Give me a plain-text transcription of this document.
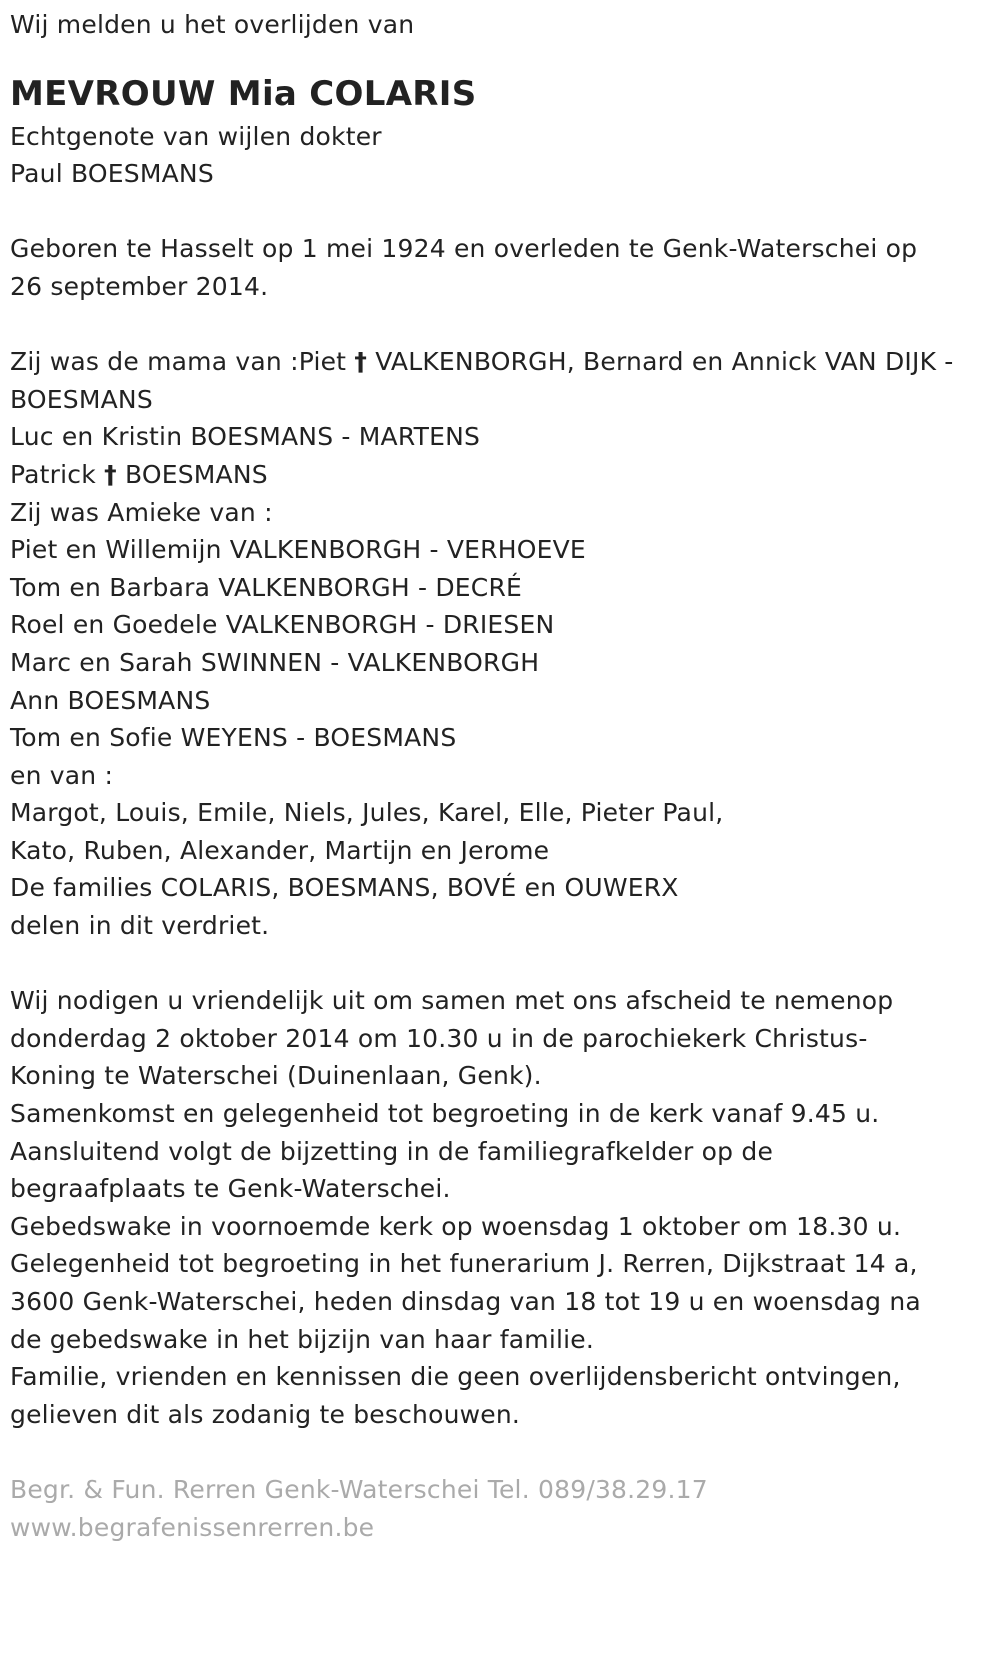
Wij melden u het overlijden van
MEVROUW Mia COLARIS
Echtgenote van wijlen dokter
Paul BOESMANS
Geboren te Hasselt op 1 mei 1924 en overleden te Genk-Waterschei op
26 september 2014.
Zij was de mama van :Piet † VALKENBORGH, Bernard en Annick VAN DIJK -
BOESMANS
Luc en Kristin BOESMANS - MARTENS
Patrick † BOESMANS
Zij was Amieke van :
Piet en Willemijn VALKENBORGH - VERHOEVE
Tom en Barbara VALKENBORGH - DECRÉ
Roel en Goedele VALKENBORGH - DRIESEN
Marc en Sarah SWINNEN - VALKENBORGH
Ann BOESMANS
Tom en Sofie WEYENS - BOESMANS
en van :
Margot, Louis, Emile, Niels, Jules, Karel, Elle, Pieter Paul,
Kato, Ruben, Alexander, Martijn en Jerome
De families COLARIS, BOESMANS, BOVÉ en OUWERX
delen in dit verdriet.
Wij nodigen u vriendelijk uit om samen met ons afscheid te nemenop
donderdag 2 oktober 2014 om 10.30 u in de parochiekerk Christus-
Koning te Waterschei (Duinenlaan, Genk).
Samenkomst en gelegenheid tot begroeting in de kerk vanaf 9.45 u.
Aansluitend volgt de bijzetting in de familiegrafkelder op de
begraafplaats te Genk-Waterschei.
Gebedswake in voornoemde kerk op woensdag 1 oktober om 18.30 u.
Gelegenheid tot begroeting in het funerarium J. Rerren, Dijkstraat 14 a,
3600 Genk-Waterschei, heden dinsdag van 18 tot 19 u en woensdag na
de gebedswake in het bijzijn van haar familie.
Familie, vrienden en kennissen die geen overlijdensbericht ontvingen,
gelieven dit als zodanig te beschouwen.
Begr. & Fun. Rerren Genk-Waterschei Tel. 089/38.29.17
www.begrafenissenrerren.be
